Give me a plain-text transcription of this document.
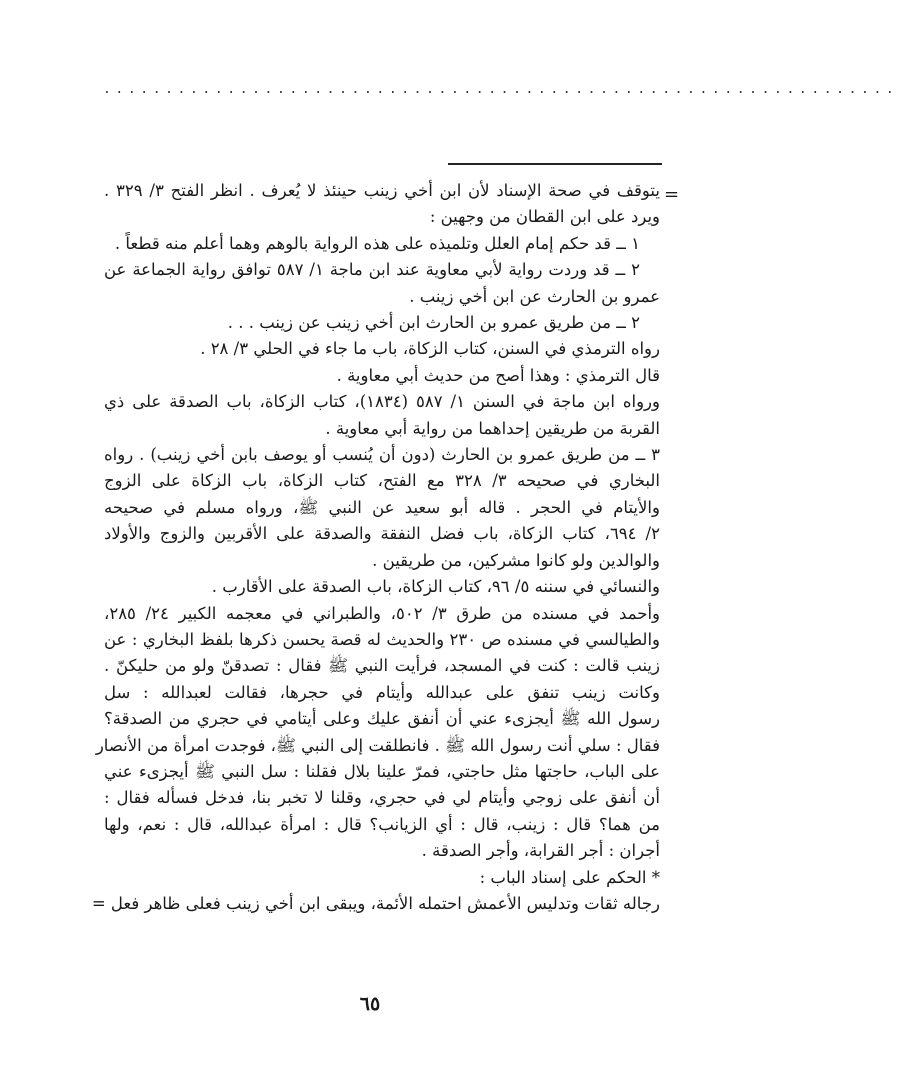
................................................................
=
يتوقف في صحة الإسناد لأن ابن أخي زينب حينئذ لا يُعرف . انظر الفتح ٣/ ٣٢٩ .
ويرد على ابن القطان من وجهين :
١ ــ قد حكم إمام العلل وتلميذه على هذه الرواية بالوهم وهما أعلم منه قطعاً .
٢ ــ قد وردت رواية لأبي معاوية عند ابن ماجة ١/ ٥٨٧ توافق رواية الجماعة عن
عمرو بن الحارث عن ابن أخي زينب .
٢ ــ من طريق عمرو بن الحارث ابن أخي زينب عن زينب . . .
رواه الترمذي في السنن، كتاب الزكاة، باب ما جاء في الحلي ٣/ ٢٨ .
قال الترمذي : وهذا أصح من حديث أبي معاوية .
ورواه ابن ماجة في السنن ١/ ٥٨٧ (١٨٣٤)، كتاب الزكاة، باب الصدقة على ذي
القربة من طريقين إحداهما من رواية أبي معاوية .
٣ ــ من طريق عمرو بن الحارث (دون أن يُنسب أو يوصف بابن أخي زينب) . رواه
البخاري في صحيحه ٣/ ٣٢٨ مع الفتح، كتاب الزكاة، باب الزكاة على الزوج
والأيتام في الحجر . قاله أبو سعيد عن النبي ﷺ، ورواه مسلم في صحيحه
٢/ ٦٩٤، كتاب الزكاة، باب فضل النفقة والصدقة على الأقربين والزوج والأولاد
والوالدين ولو كانوا مشركين، من طريقين .
والنسائي في سننه ٥/ ٩٦، كتاب الزكاة، باب الصدقة على الأقارب .
وأحمد في مسنده من طرق ٣/ ٥٠٢، والطبراني في معجمه الكبير ٢٤/ ٢٨٥،
والطيالسي في مسنده ص ٢٣٠ والحديث له قصة يحسن ذكرها بلفظ البخاري : عن
زينب قالت : كنت في المسجد، فرأيت النبي ﷺ فقال : تصدقنّ ولو من حليكنّ .
وكانت زينب تنفق على عبدالله وأيتام في حجرها، فقالت لعبدالله : سل
رسول الله ﷺ أيجزىء عني أن أنفق عليك وعلى أيتامي في حجري من الصدقة؟
فقال : سلي أنت رسول الله ﷺ . فانطلقت إلى النبي ﷺ، فوجدت امرأة من الأنصار
على الباب، حاجتها مثل حاجتي، فمرّ علينا بلال فقلنا : سل النبي ﷺ أيجزىء عني
أن أنفق على زوجي وأيتام لي في حجري، وقلنا لا تخبر بنا، فدخل فسأله فقال :
من هما؟ قال : زينب، قال : أي الزيانب؟ قال : امرأة عبدالله، قال : نعم، ولها
أجران : أجر القرابة، وأجر الصدقة .
* الحكم على إسناد الباب :
رجاله ثقات وتدليس الأعمش احتمله الأئمة، ويبقى ابن أخي زينب فعلى ظاهر فعل =
٦٥
